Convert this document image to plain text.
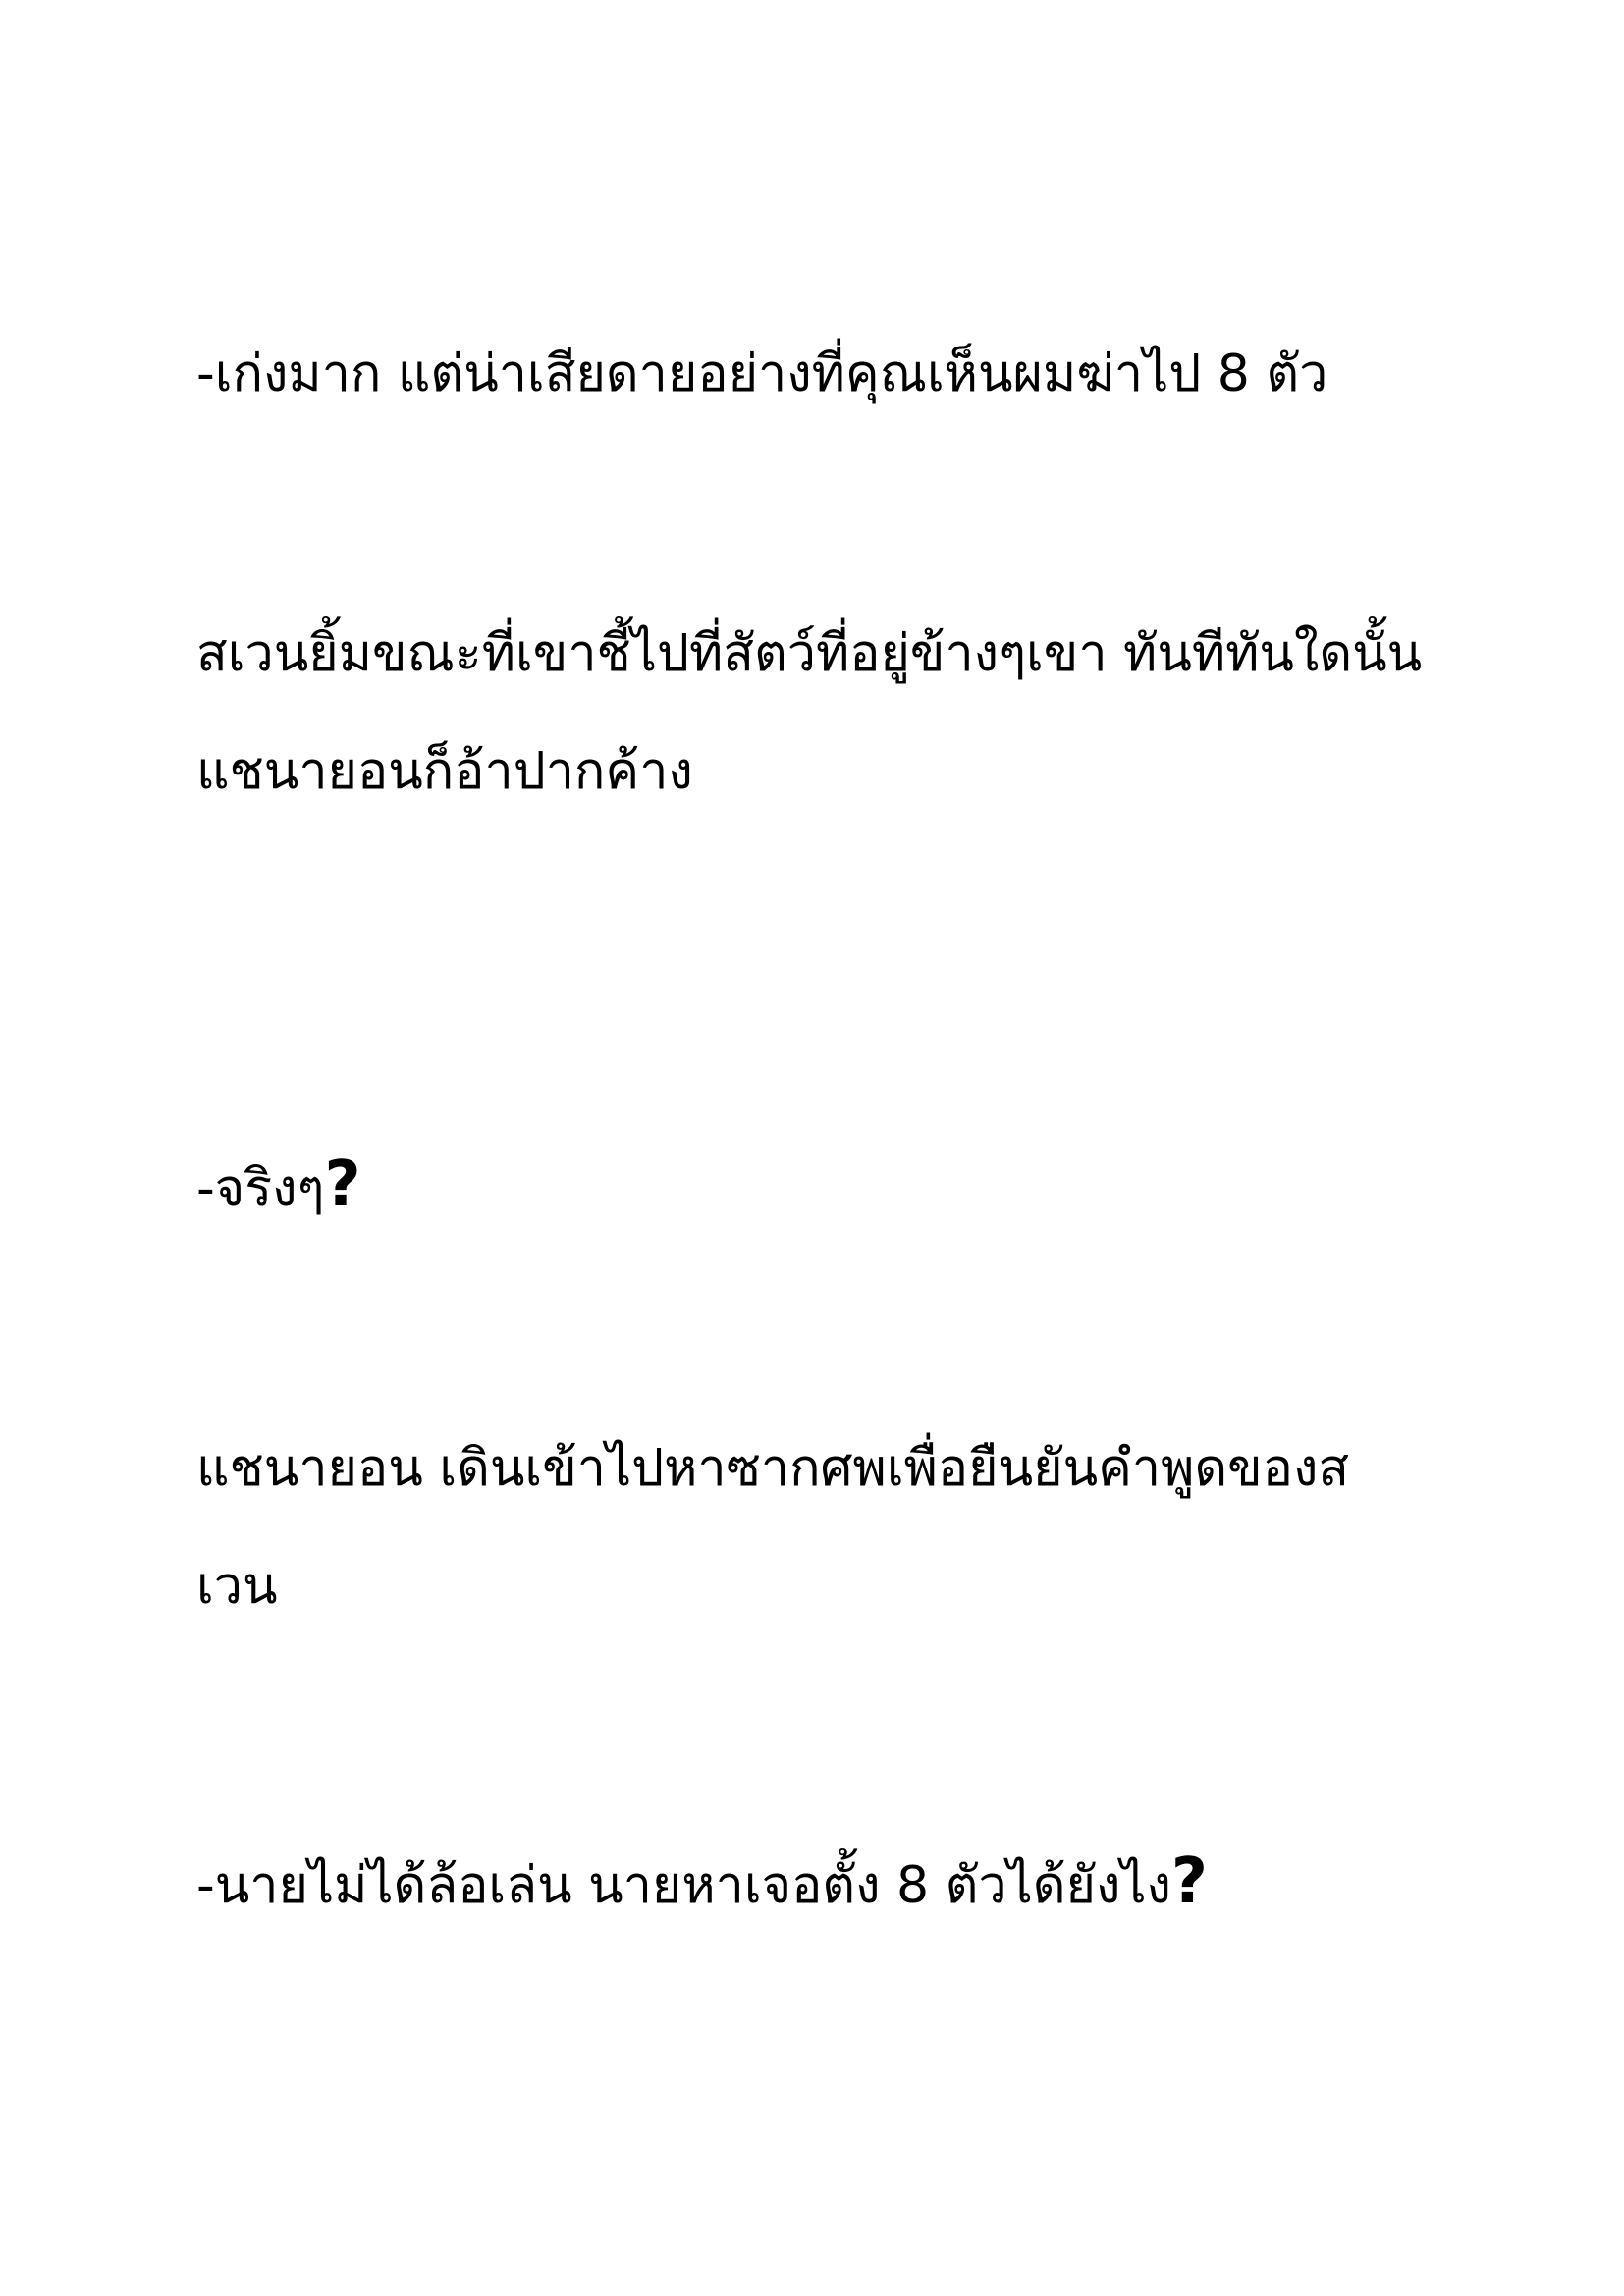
-เก่งมาก แต่น่าเสียดายอย่างที่คุณเห็นผมฆ่าไป 8 ตัว

สเวนยิ้มขณะที่เขาชี้ไปที่สัตว์ที่อยู่ข้างๆเขา ทันทีทันใดนั้น

แชนายอนก็อ้าปากค้าง

-จริงๆ?

แชนายอน เดินเข้าไปหาซากศพเพื่อยืนยันคำพูดของส

เวน

-นายไม่ได้ล้อเล่น นายหาเจอตั้ง 8 ตัวได้ยังไง?
